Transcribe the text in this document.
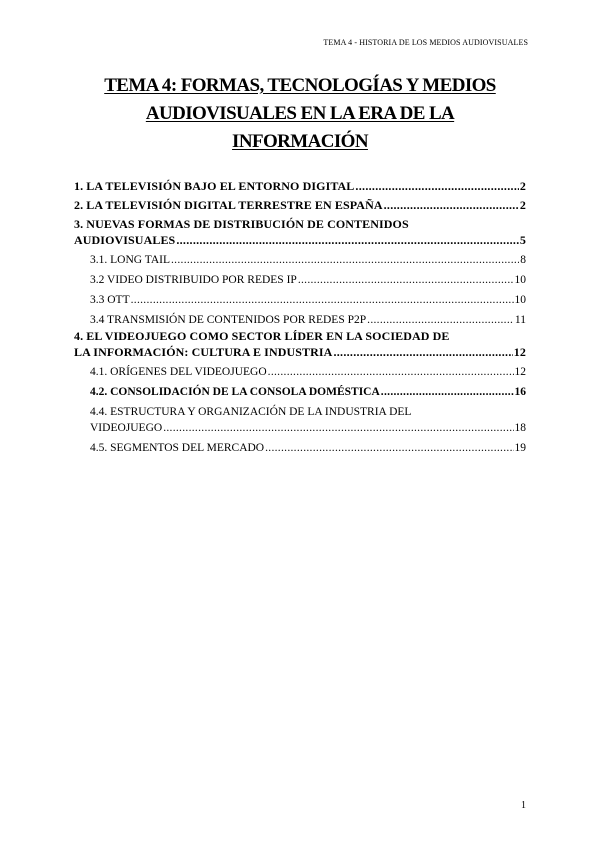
TEMA 4 - HISTORIA DE LOS MEDIOS AUDIOVISUALES
TEMA 4: FORMAS, TECNOLOGÍAS Y MEDIOS
AUDIOVISUALES EN LA ERA DE LA
INFORMACIÓN
1. LA TELEVISIÓN BAJO EL ENTORNO DIGITAL .....	2
2. LA TELEVISIÓN DIGITAL TERRESTRE EN ESPAÑA .....	2
3. NUEVAS FORMAS DE DISTRIBUCIÓN DE CONTENIDOS
AUDIOVISUALES .....	5
3.1. LONG TAIL .....	8
3.2 VIDEO DISTRIBUIDO POR REDES IP .....	10
3.3 OTT .....	10
3.4 TRANSMISIÓN DE CONTENIDOS POR REDES P2P .....	11
4. EL VIDEOJUEGO COMO SECTOR LÍDER EN LA SOCIEDAD DE
LA INFORMACIÓN: CULTURA E INDUSTRIA .....	12
4.1. ORÍGENES DEL VIDEOJUEGO .....	12
4.2. CONSOLIDACIÓN DE LA CONSOLA DOMÉSTICA .....	16
4.4. ESTRUCTURA Y ORGANIZACIÓN DE LA INDUSTRIA DEL
VIDEOJUEGO .....	18
4.5. SEGMENTOS DEL MERCADO .....	19
1
